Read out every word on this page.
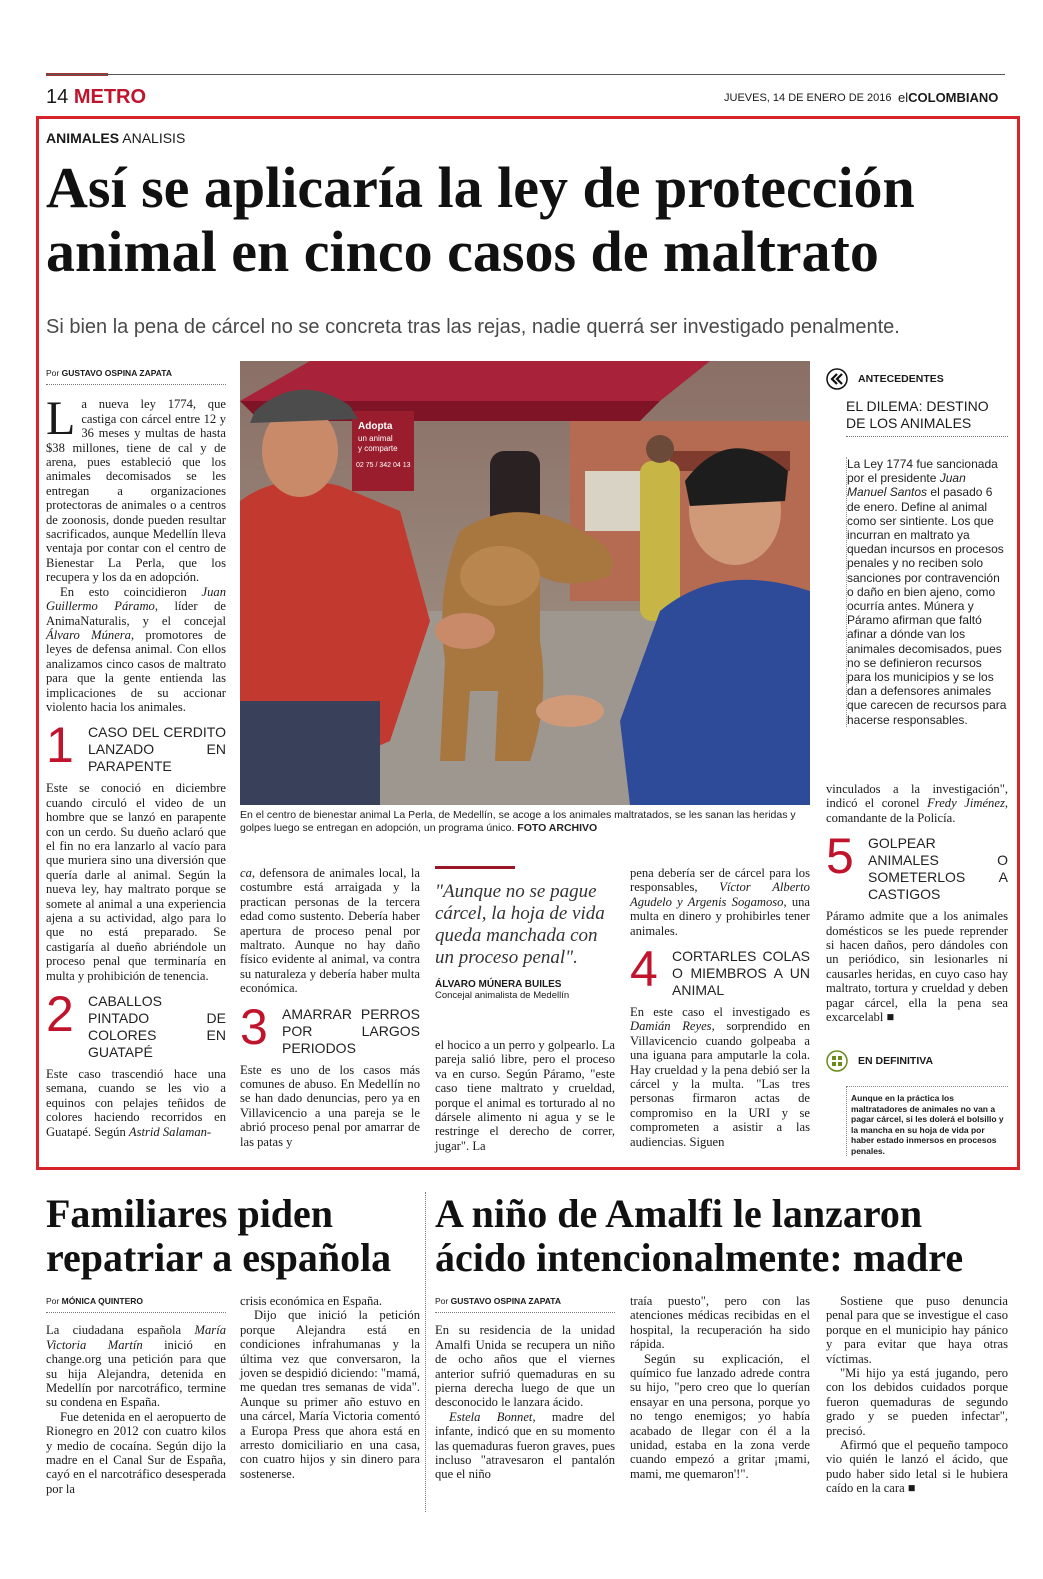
14 METRO	JUEVES, 14 DE ENERO DE 2016 elCOLOMBIANO
ANIMALES ANALISIS
Así se aplicaría la ley de protección animal en cinco casos de maltrato
Si bien la pena de cárcel no se concreta tras las rejas, nadie querrá ser investigado penalmente.
Por GUSTAVO OSPINA ZAPATA

La nueva ley 1774, que castiga con cárcel entre 12 y 36 meses y multas de hasta $38 millones, tiene de cal y de arena, pues estableció que los animales decomisados se les entregan a organizaciones protectoras de animales o a centros de zoonosis, donde pueden resultar sacrificados, aunque Medellín lleva ventaja por contar con el centro de Bienestar La Perla, que los recupera y los da en adopción.

En esto coincidieron Juan Guillermo Páramo, líder de AnimaNaturalis, y el concejal Álvaro Múnera, promotores de leyes de defensa animal. Con ellos analizamos cinco casos de maltrato para que la gente entienda las implicaciones de su accionar violento hacia los animales.

1	CASO DEL CERDITO LANZADO EN PARAPENTE

Este se conoció en diciembre cuando circuló el video de un hombre que se lanzó en parapente con un cerdo. Su dueño aclaró que el fin no era lanzarlo al vacío para que muriera sino una diversión que quería darle al animal. Según la nueva ley, hay maltrato porque se somete al animal a una experiencia ajena a su actividad, algo para lo que no está preparado. Se castigaría al dueño abriéndole un proceso penal que terminaría en multa y prohibición de tenencia.

2	CABALLOS PINTADO DE COLORES EN GUATAPÉ

Este caso trascendió hace una semana, cuando se les vio a equinos con pelajes teñidos de colores haciendo recorridos en Guatapé. Según Astrid Salaman-

Adopta
un animal
y comparte
02 75 / 342 04 13
En el centro de bienestar animal La Perla, de Medellín, se acoge a los animales maltratados, se les sanan las heridas y golpes luego se entregan en adopción, un programa único. FOTO ARCHIVO

ca, defensora de animales local, la costumbre está arraigada y la practican personas de la tercera edad como sustento. Debería haber apertura de proceso penal por maltrato. Aunque no hay daño físico evidente al animal, va contra su naturaleza y debería haber multa económica.

3	AMARRAR PERROS POR LARGOS PERIODOS

Este es uno de los casos más comunes de abuso. En Medellín no se han dado denuncias, pero ya en Villavicencio a una pareja se le abrió proceso penal por amarrar de las patas y

"Aunque no se pague cárcel, la hoja de vida queda manchada con un proceso penal".
ÁLVARO MÚNERA BUILES
Concejal animalista de Medellín

el hocico a un perro y golpearlo. La pareja salió libre, pero el proceso va en curso. Según Páramo, "este caso tiene maltrato y crueldad, porque el animal es torturado al no dársele alimento ni agua y se le restringe el derecho de correr, jugar". La

pena debería ser de cárcel para los responsables, Víctor Alberto Agudelo y Argenis Sogamoso, una multa en dinero y prohibirles tener animales.

4	CORTARLES COLAS O MIEMBROS A UN ANIMAL

En este caso el investigado es Damián Reyes, sorprendido en Villavicencio cuando golpeaba a una iguana para amputarle la cola. Hay crueldad y la pena debió ser la cárcel y la multa. "Las tres personas firmaron actas de compromiso en la URI y se comprometen a asistir a las audiencias. Siguen

ANTECEDENTES
EL DILEMA: DESTINO DE LOS ANIMALES

La Ley 1774 fue sancionada por el presidente Juan Manuel Santos el pasado 6 de enero. Define al animal como ser sintiente. Los que incurran en maltrato ya quedan incursos en procesos penales y no reciben solo sanciones por contravención o daño en bien ajeno, como ocurría antes. Múnera y Páramo afirman que faltó afinar a dónde van los animales decomisados, pues no se definieron recursos para los municipios y se los dan a defensores animales que carecen de recursos para hacerse responsables.

vinculados a la investigación", indicó el coronel Fredy Jiménez, comandante de la Policía.

5	GOLPEAR ANIMALES O SOMETERLOS A CASTIGOS

Páramo admite que a los animales domésticos se les puede reprender si hacen daños, pero dándoles con un periódico, sin lesionarles ni causarles heridas, en cuyo caso hay maltrato, tortura y crueldad y deben pagar cárcel, ella la pena sea excarcelabl ■

EN DEFINITIVA
Aunque en la práctica los maltratadores de animales no van a pagar cárcel, si les dolerá el bolsillo y la mancha en su hoja de vida por haber estado inmersos en procesos penales.
Familiares piden repatriar a española
Por MÓNICA QUINTERO

La ciudadana española María Victoria Martín inició en change.org una petición para que su hija Alejandra, detenida en Medellín por narcotráfico, termine su condena en España.

Fue detenida en el aeropuerto de Rionegro en 2012 con cuatro kilos y medio de cocaína. Según dijo la madre en el Canal Sur de España, cayó en el narcotráfico desesperada por la

crisis económica en España.

Dijo que inició la petición porque Alejandra está en condiciones infrahumanas y la última vez que conversaron, la joven se despidió diciendo: "mamá, me quedan tres semanas de vida". Aunque su primer año estuvo en una cárcel, María Victoria comentó a Europa Press que ahora está en arresto domiciliario en una casa, con cuatro hijos y sin dinero para sostenerse.

A niño de Amalfi le lanzaron ácido intencionalmente: madre
Por GUSTAVO OSPINA ZAPATA

En su residencia de la unidad Amalfi Unida se recupera un niño de ocho años que el viernes anterior sufrió quemaduras en su pierna derecha luego de que un desconocido le lanzara ácido.

Estela Bonnet, madre del infante, indicó que en su momento las quemaduras fueron graves, pues incluso "atravesaron el pantalón que el niño

traía puesto", pero con las atenciones médicas recibidas en el hospital, la recuperación ha sido rápida.

Según su explicación, el químico fue lanzado adrede contra su hijo, "pero creo que lo querían ensayar en una persona, porque yo no tengo enemigos; yo había acabado de llegar con él a la unidad, estaba en la zona verde cuando empezó a gritar ¡mami, mami, me quemaron'!".

Sostiene que puso denuncia penal para que se investigue el caso porque en el municipio hay pánico y para evitar que haya otras víctimas.

"Mi hijo ya está jugando, pero con los debidos cuidados porque fueron quemaduras de segundo grado y se pueden infectar", precisó.

Afirmó que el pequeño tampoco vio quién le lanzó el ácido, que pudo haber sido letal si le hubiera caído en la cara ■
